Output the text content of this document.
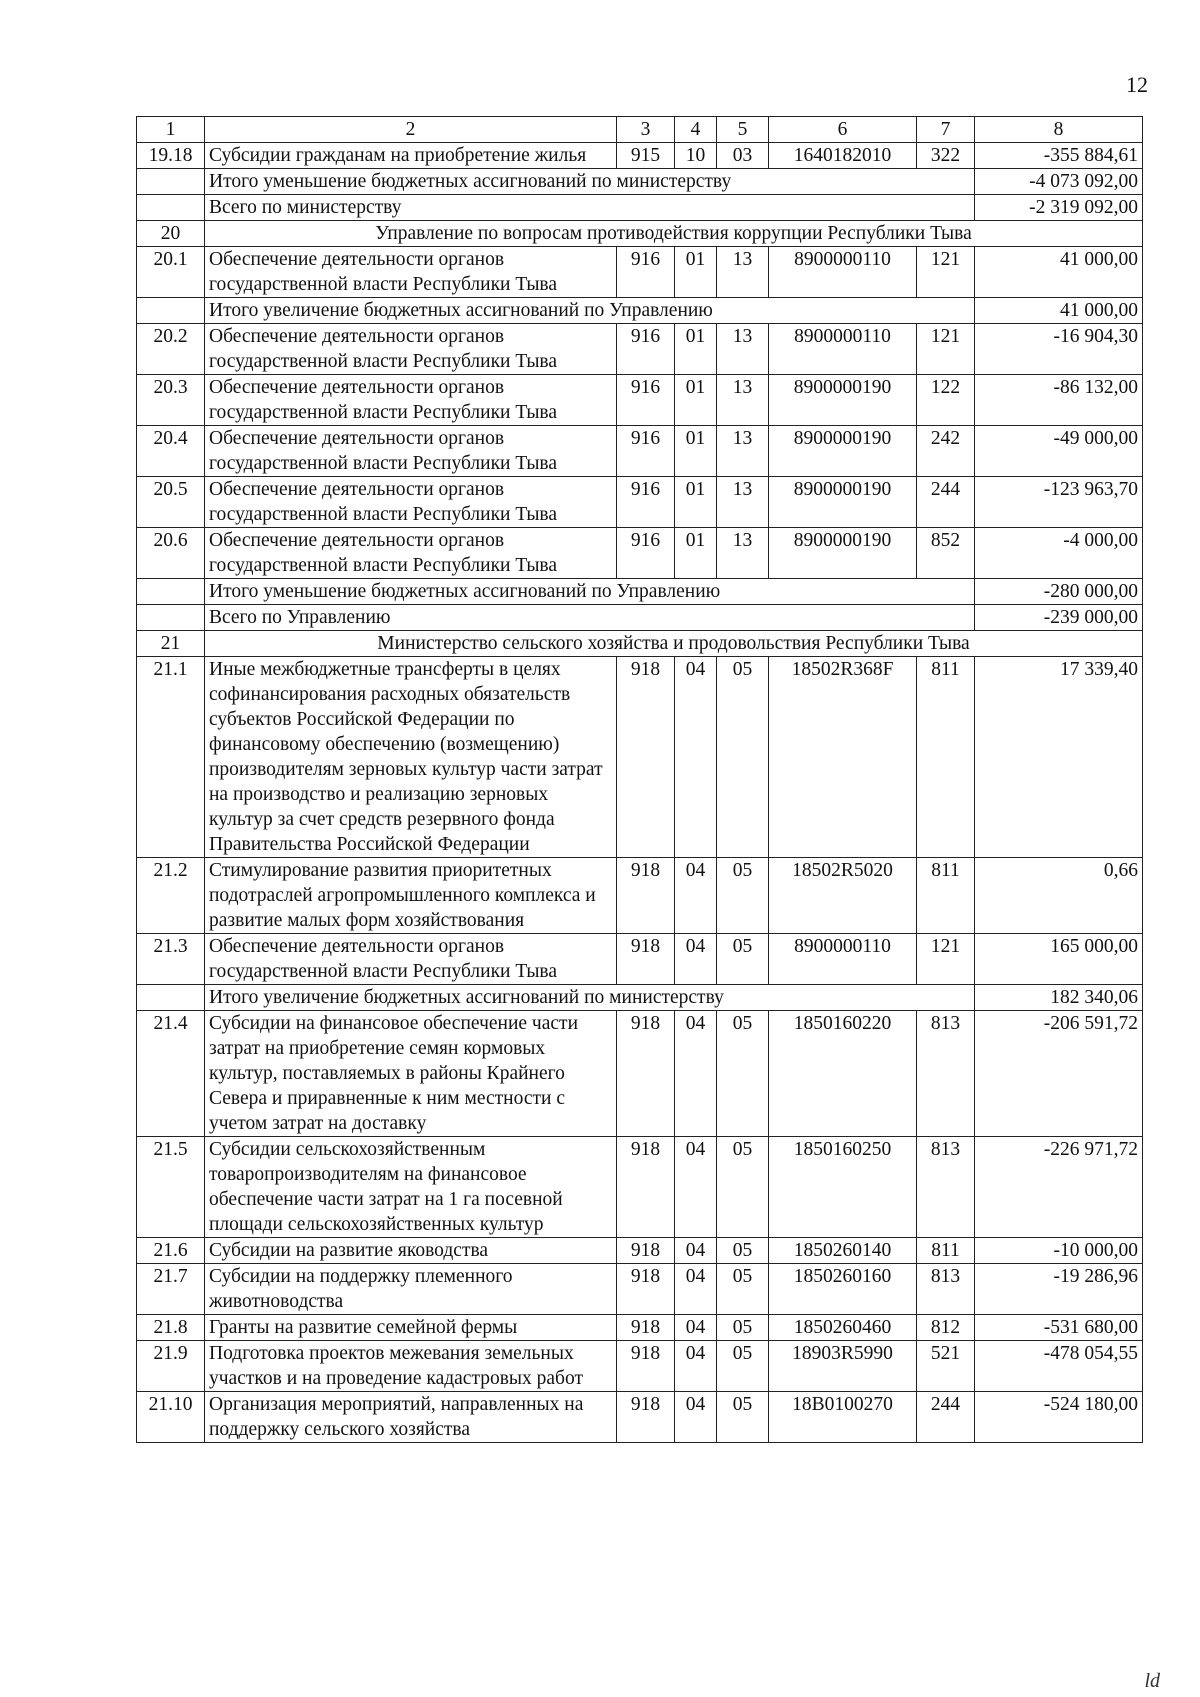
12
1	2	3	4	5	6	7	8
19.18	Субсидии гражданам на приобретение жилья	915	10	03	1640182010	322	-355 884,61
	Итого уменьшение бюджетных ассигнований по министерству						-4 073 092,00
	Всего по министерству						-2 319 092,00
20	Управление по вопросам противодействия коррупции Республики Тыва						
20.1	Обеспечение деятельности органов государственной власти Республики Тыва	916	01	13	8900000110	121	41 000,00
	Итого увеличение бюджетных ассигнований по Управлению						41 000,00
20.2	Обеспечение деятельности органов государственной власти Республики Тыва	916	01	13	8900000110	121	-16 904,30
20.3	Обеспечение деятельности органов государственной власти Республики Тыва	916	01	13	8900000190	122	-86 132,00
20.4	Обеспечение деятельности органов государственной власти Республики Тыва	916	01	13	8900000190	242	-49 000,00
20.5	Обеспечение деятельности органов государственной власти Республики Тыва	916	01	13	8900000190	244	-123 963,70
20.6	Обеспечение деятельности органов государственной власти Республики Тыва	916	01	13	8900000190	852	-4 000,00
	Итого уменьшение бюджетных ассигнований по Управлению						-280 000,00
	Всего по Управлению						-239 000,00
21	Министерство сельского хозяйства и продовольствия Республики Тыва						
21.1	Иные межбюджетные трансферты в целях софинансирования расходных обязательств субъектов Российской Федерации по финансовому обеспечению (возмещению) производителям зерновых культур части затрат на производство и реализацию зерновых культур за счет средств резервного фонда Правительства Российской Федерации	918	04	05	18502R368F	811	17 339,40
21.2	Стимулирование развития приоритетных подотраслей агропромышленного комплекса и развитие малых форм хозяйствования	918	04	05	18502R5020	811	0,66
21.3	Обеспечение деятельности органов государственной власти Республики Тыва	918	04	05	8900000110	121	165 000,00
	Итого увеличение бюджетных ассигнований по министерству						182 340,06
21.4	Субсидии на финансовое обеспечение части затрат на приобретение семян кормовых культур, поставляемых в районы Крайнего Севера и приравненные к ним местности с учетом затрат на доставку	918	04	05	1850160220	813	-206 591,72
21.5	Субсидии сельскохозяйственным товаропроизводителям на финансовое обеспечение части затрат на 1 га посевной площади сельскохозяйственных культур	918	04	05	1850160250	813	-226 971,72
21.6	Субсидии на развитие яководства	918	04	05	1850260140	811	-10 000,00
21.7	Субсидии на поддержку племенного животноводства	918	04	05	1850260160	813	-19 286,96
21.8	Гранты на развитие семейной фермы	918	04	05	1850260460	812	-531 680,00
21.9	Подготовка проектов межевания земельных участков и на проведение кадастровых работ	918	04	05	18903R5990	521	-478 054,55
21.10	Организация мероприятий, направленных на поддержку сельского хозяйства	918	04	05	18B0100270	244	-524 180,00
ld
